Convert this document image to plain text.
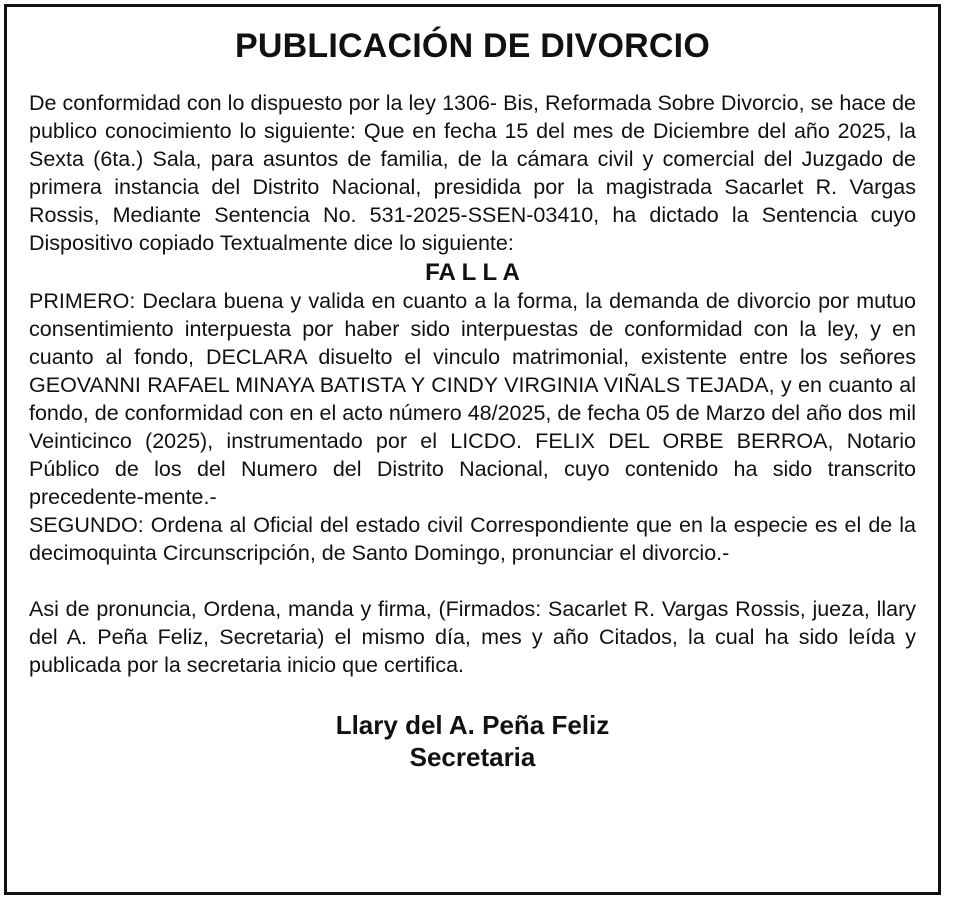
PUBLICACIÓN DE DIVORCIO

De conformidad con lo dispuesto por la ley 1306- Bis, Reformada Sobre Divorcio, se hace de publico conocimiento lo siguiente: Que en fecha 15 del mes de Diciembre del año 2025, la Sexta (6ta.) Sala, para asuntos de familia, de la cámara civil y comercial del Juzgado de primera instancia del Distrito Nacional, presidida por la magistrada Sacarlet R. Vargas Rossis, Mediante Sentencia No. 531-2025-SSEN-03410, ha dictado la Sentencia cuyo Dispositivo copiado Textualmente dice lo siguiente:

FA L L A

PRIMERO: Declara buena y valida en cuanto a la forma, la demanda de divorcio por mutuo consentimiento interpuesta por haber sido interpuestas de conformidad con la ley, y en cuanto al fondo, DECLARA disuelto el vinculo matrimonial, existente entre los señores GEOVANNI RAFAEL MINAYA BATISTA Y CINDY VIRGINIA VIÑALS TEJADA, y en cuanto al fondo, de conformidad con en el acto número 48/2025, de fecha 05 de Marzo del año dos mil Veinticinco (2025), instrumentado por el LICDO. FELIX DEL ORBE BERROA, Notario Público de los del Numero del Distrito Nacional, cuyo contenido ha sido transcrito precedente-mente.-

SEGUNDO: Ordena al Oficial del estado civil Correspondiente que en la especie es el de la decimoquinta Circunscripción, de Santo Domingo, pronunciar el divorcio.-

Asi de pronuncia, Ordena, manda y firma, (Firmados: Sacarlet R. Vargas Rossis, jueza, llary del A. Peña Feliz, Secretaria) el mismo día, mes y año Citados, la cual ha sido leída y publicada por la secretaria inicio que certifica.

Llary del A. Peña Feliz
Secretaria
